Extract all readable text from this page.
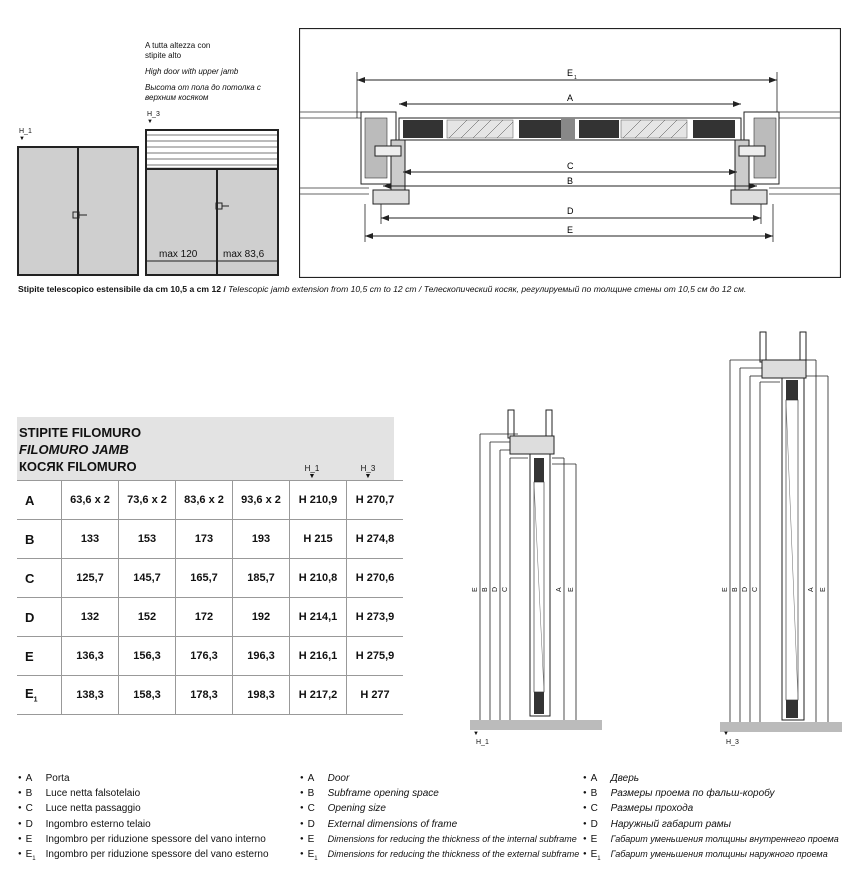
A tutta altezza con stipite alto
High door with upper jamb
Высота от пола до потолка с верхним косяком
H_1
▼
H_3
▼
max 120	max 83,6
E 1
A
C
B
D
E
Stipite telescopico estensibile da cm 10,5 a cm 12 / Telescopic jamb extension from 10,5 cm to 12 cm / Телескопический косяк, регулируемый по толщине стены от 10,5 см до 12 см.
STIPITE FILOMURO
FILOMURO JAMB
КОСЯК FILOMURO	H_1
▼
H_3
▼
A	63,6 x 2	73,6 x 2	83,6 x 2	93,6 x 2	H 210,9	H 270,7
B	133	153	173	193	H 215	H 274,8
C	125,7	145,7	165,7	185,7	H 210,8	H 270,6
D	132	152	172	192	H 214,1	H 273,9
E	136,3	156,3	176,3	196,3	H 216,1	H 275,9
$E_1$	138,3	158,3	178,3	198,3	H 217,2	H 277
E B D C	A E
▼
H_1
E B D C	A E
▼
H_3
● A Porta
● B Luce netta falsotelaio
● C Luce netta passaggio
● D Ingombro esterno telaio
● E Ingombro per riduzione spessore del vano interno
● $E_1$ Ingombro per riduzione spessore del vano esterno
● A Door
● B Subframe opening space
● C Opening size
● D External dimensions of frame
● E Dimensions for reducing the thickness of the internal subframe
● $E_1$ Dimensions for reducing the thickness of the external subframe
● A Дверь
● B Размеры проема по фальш-коробу
● C Размеры прохода
● D Наружный габарит рамы
● E Габарит уменьшения толщины внутреннего проема
● $E_1$ Габарит уменьшения толщины наружного проема
